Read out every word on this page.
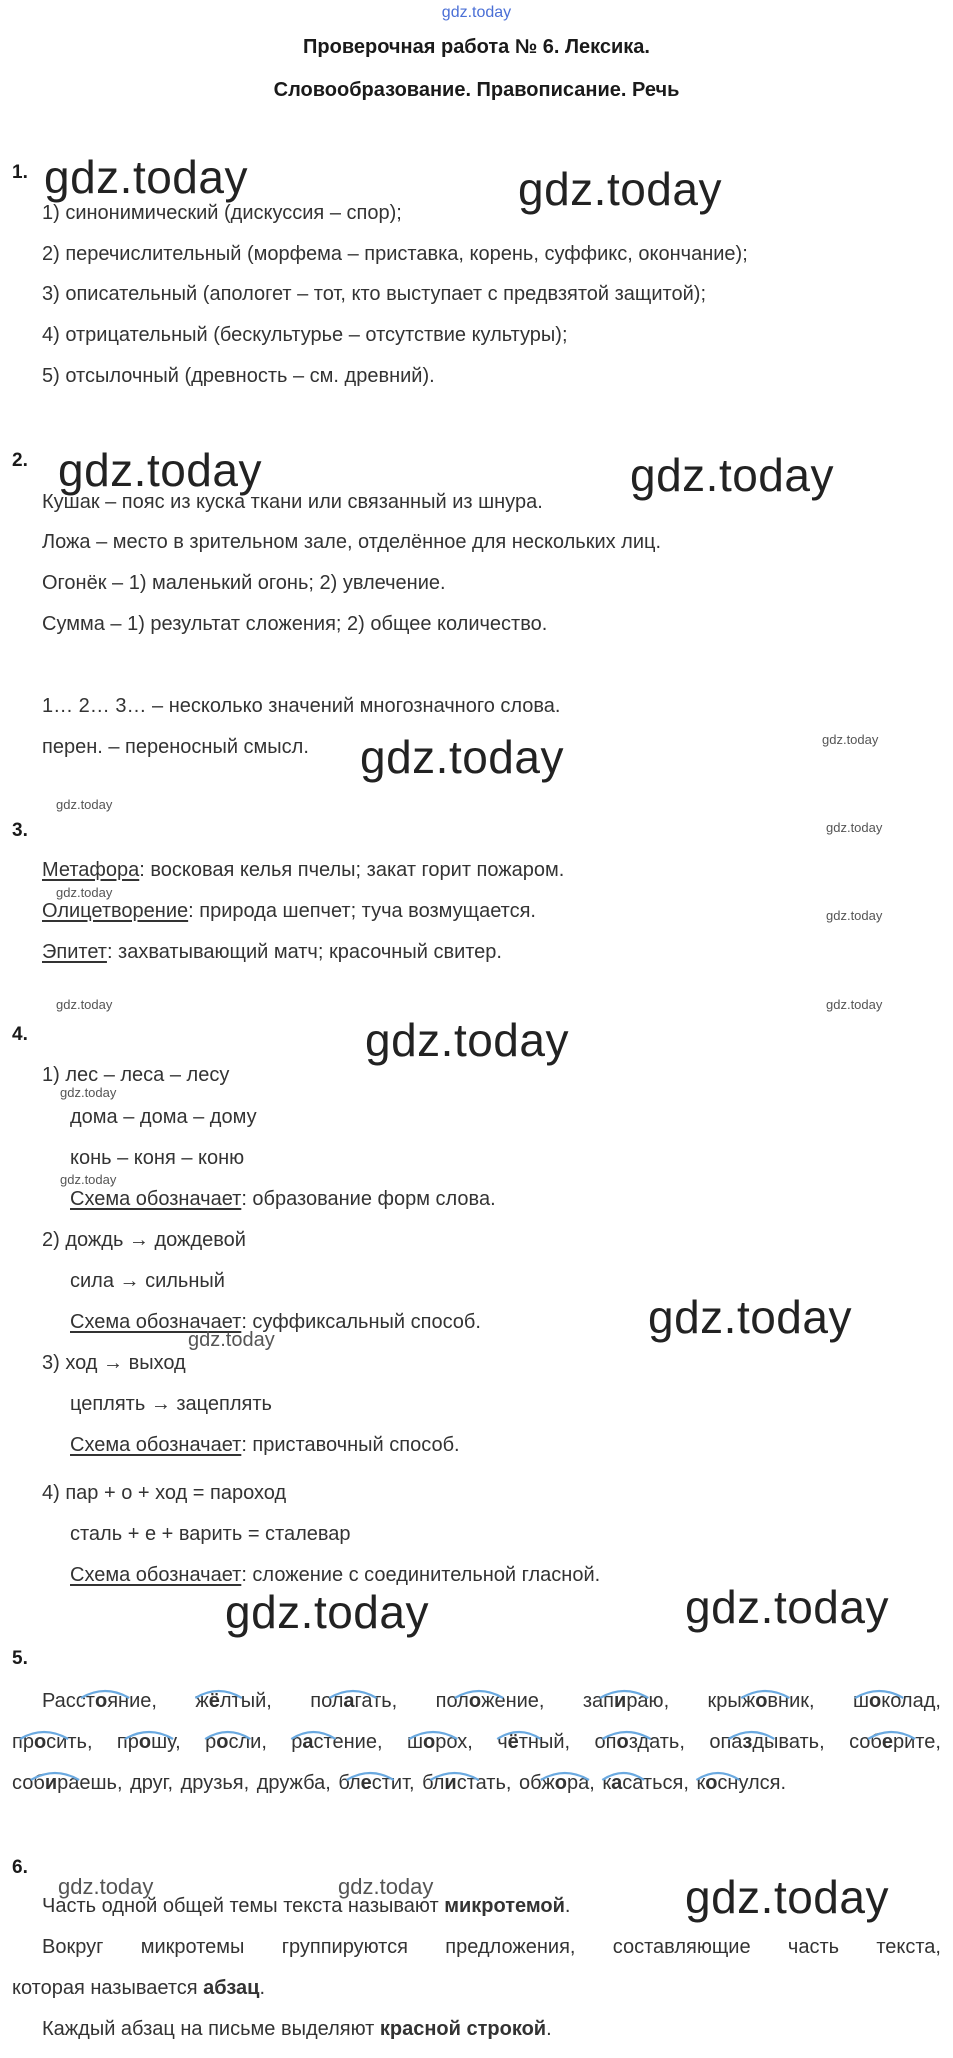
gdz.today
Проверочная работа № 6. Лексика.
Словообразование. Правописание. Речь
1. gdz.today	gdz.today
1) синонимический (дискуссия – спор);
2) перечислительный (морфема – приставка, корень, суффикс, окончание);
3) описательный (апологет – тот, кто выступает с предвзятой защитой);
4) отрицательный (бескультурье – отсутствие культуры);
5) отсылочный (древность – см. древний).
2. gdz.today	gdz.today
Кушак – пояс из куска ткани или связанный из шнура.
Ложа – место в зрительном зале, отделённое для нескольких лиц.
Огонёк – 1) маленький огонь; 2) увлечение.
Сумма – 1) результат сложения; 2) общее количество.
1… 2… 3… – несколько значений многозначного слова.
перен. – переносный смысл. gdz.today	gdz.today
gdz.today
3.	gdz.today
Метафора: восковая келья пчелы; закат горит пожаром.
gdz.today
Олицетворение: природа шепчет; туча возмущается.	gdz.today
Эпитет: захватывающий матч; красочный свитер.
gdz.today	gdz.today
4.	gdz.today
1) лес – леса – лесу
gdz.today
дома – дома – дому
конь – коня – коню
gdz.today
Схема обозначает: образование форм слова.
2) дождь → дождевой
сила → сильный
Схема обозначает: суффиксальный способ.	gdz.today
gdz.today
3) ход → выход
цеплять → зацеплять
Схема обозначает: приставочный способ.
4) пар + о + ход = пароход
сталь + е + варить = сталевар
Схема обозначает: сложение с соединительной гласной.
gdz.today	gdz.today
5.
Расстояние, жёлтый, полагать, положение, запираю, крыжовник, шоколад,
просить, прошу, росли, растение, шорох, чётный, опоздать, опаздывать, соберите,
собираешь, друг, друзья, дружба, блестит, блистать, обжора, касаться, коснулся.
6.
gdz.today	gdz.today
Часть одной общей темы текста называют микротемой. gdz.today
Вокруг микротемы группируются предложения, составляющие часть текста,
которая называется абзац.
Каждый абзац на письме выделяют красной строкой.
